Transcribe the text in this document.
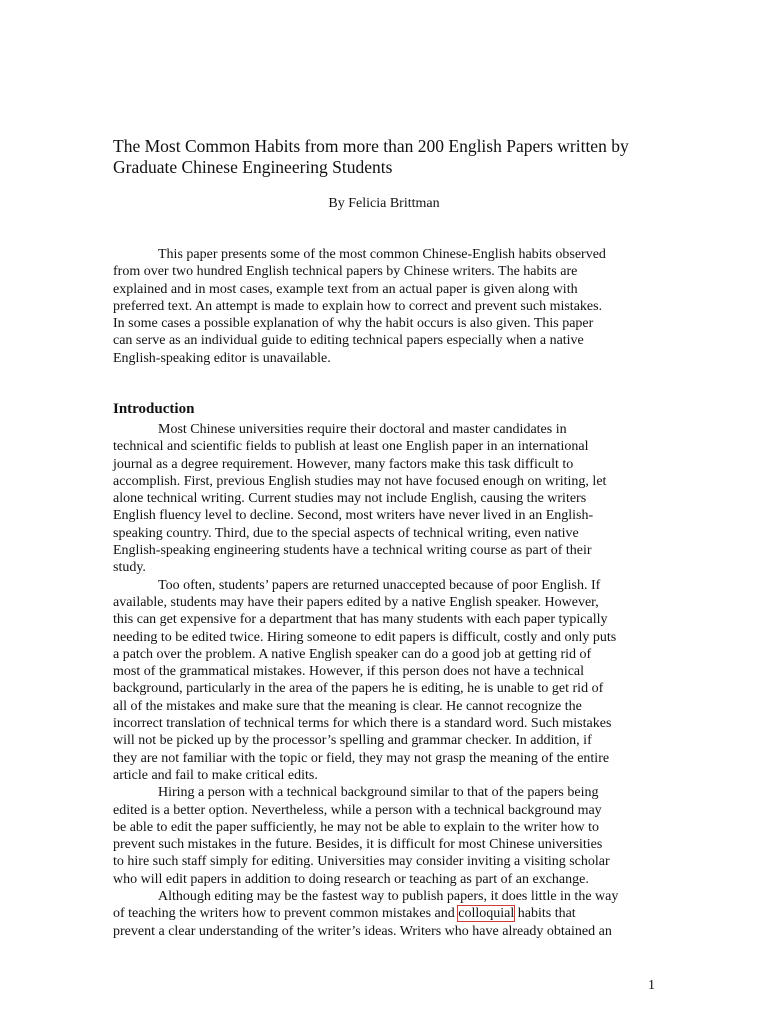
The Most Common Habits from more than 200 English Papers written by
Graduate Chinese Engineering Students
By Felicia Brittman
This paper presents some of the most common Chinese-English habits observed
from over two hundred English technical papers by Chinese writers. The habits are
explained and in most cases, example text from an actual paper is given along with
preferred text. An attempt is made to explain how to correct and prevent such mistakes.
In some cases a possible explanation of why the habit occurs is also given. This paper
can serve as an individual guide to editing technical papers especially when a native
English-speaking editor is unavailable.
Introduction
Most Chinese universities require their doctoral and master candidates in
technical and scientific fields to publish at least one English paper in an international
journal as a degree requirement. However, many factors make this task difficult to
accomplish. First, previous English studies may not have focused enough on writing, let
alone technical writing. Current studies may not include English, causing the writers
English fluency level to decline. Second, most writers have never lived in an English-
speaking country. Third, due to the special aspects of technical writing, even native
English-speaking engineering students have a technical writing course as part of their
study.
Too often, students’ papers are returned unaccepted because of poor English. If
available, students may have their papers edited by a native English speaker. However,
this can get expensive for a department that has many students with each paper typically
needing to be edited twice. Hiring someone to edit papers is difficult, costly and only puts
a patch over the problem. A native English speaker can do a good job at getting rid of
most of the grammatical mistakes. However, if this person does not have a technical
background, particularly in the area of the papers he is editing, he is unable to get rid of
all of the mistakes and make sure that the meaning is clear. He cannot recognize the
incorrect translation of technical terms for which there is a standard word. Such mistakes
will not be picked up by the processor’s spelling and grammar checker. In addition, if
they are not familiar with the topic or field, they may not grasp the meaning of the entire
article and fail to make critical edits.
Hiring a person with a technical background similar to that of the papers being
edited is a better option. Nevertheless, while a person with a technical background may
be able to edit the paper sufficiently, he may not be able to explain to the writer how to
prevent such mistakes in the future. Besides, it is difficult for most Chinese universities
to hire such staff simply for editing. Universities may consider inviting a visiting scholar
who will edit papers in addition to doing research or teaching as part of an exchange.
Although editing may be the fastest way to publish papers, it does little in the way
of teaching the writers how to prevent common mistakes and colloquial habits that
prevent a clear understanding of the writer’s ideas. Writers who have already obtained an
1
